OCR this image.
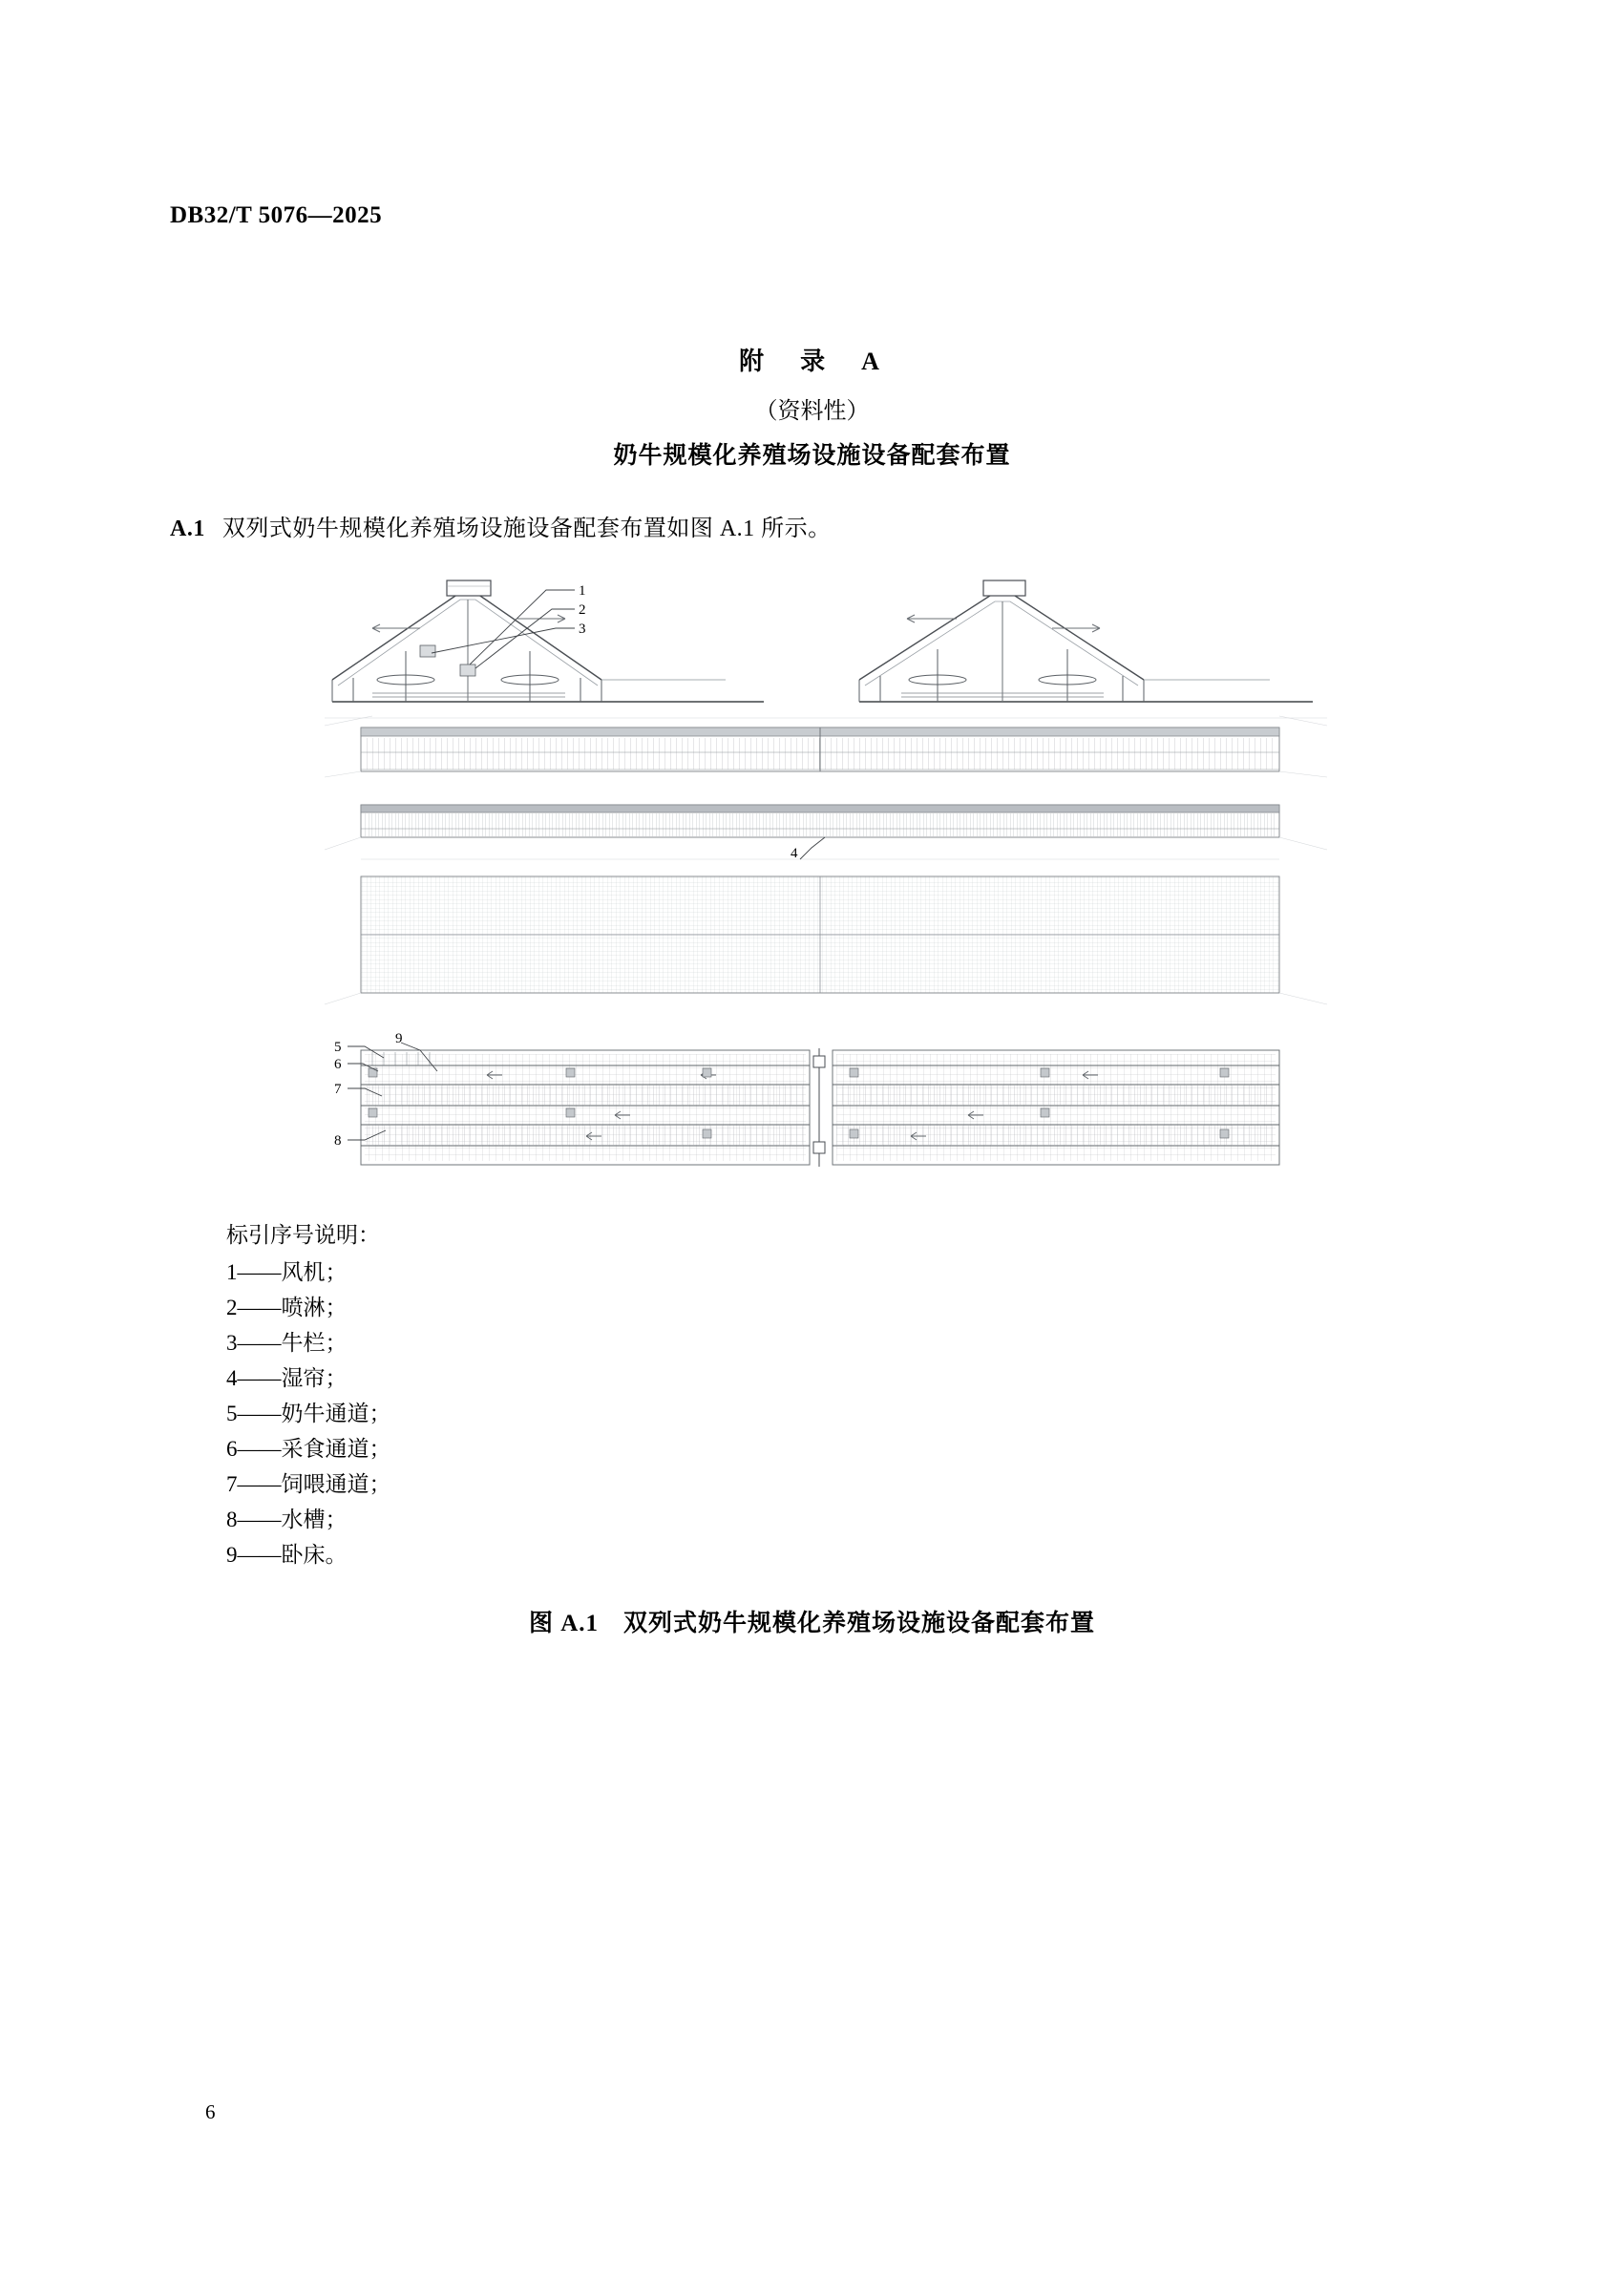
DB32/T 5076—2025
附　录　A
（资料性）
奶牛规模化养殖场设施设备配套布置
A.1 双列式奶牛规模化养殖场设施设备配套布置如图 A.1 所示。
1
2
3
4
5
6
7
8
9
标引序号说明：
1——风机；
2——喷淋；
3——牛栏；
4——湿帘；
5——奶牛通道；
6——采食通道；
7——饲喂通道；
8——水槽；
9——卧床。
图 A.1　双列式奶牛规模化养殖场设施设备配套布置
6
